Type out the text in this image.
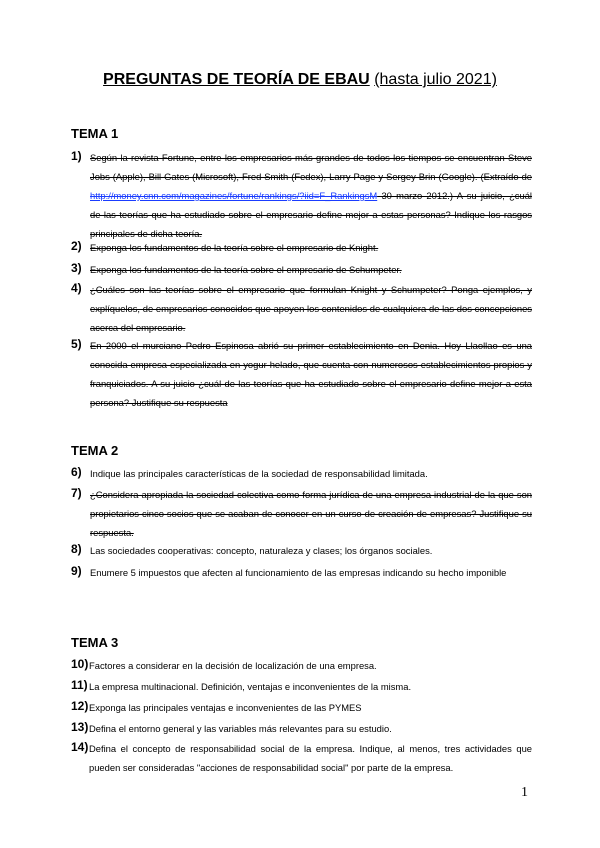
PREGUNTAS DE TEORÍA DE EBAU (hasta julio 2021)
TEMA 1
1) Según la revista Fortune, entre los empresarios más grandes de todos los tiempos se encuentran Steve Jobs (Apple), Bill Gates (Microsoft), Fred Smith (Fedex), Larry Page y Sergey Brin (Google). (Extraído de http://money.cnn.com/magazines/fortune/rankings/?iid=F_RankingsM 30 marzo 2012.) A su juicio, ¿cuál de las teorías que ha estudiado sobre el empresario define mejor a estas personas? Indique los rasgos principales de dicha teoría.
2) Exponga los fundamentos de la teoría sobre el empresario de Knight.
3) Exponga los fundamentos de la teoría sobre el empresario de Schumpeter.
4) ¿Cuáles son las teorías sobre el empresario que formulan Knight y Schumpeter? Ponga ejemplos, y explíquelos, de empresarios conocidos que apoyen los contenidos de cualquiera de las dos concepciones acerca del empresario.
5) En 2000 el murciano Pedro Espinosa abrió su primer establecimiento en Denia. Hoy Llaollao es una conocida empresa especializada en yogur helado, que cuenta con numerosos establecimientos propios y franquiciados. A su juicio ¿cuál de las teorías que ha estudiado sobre el empresario define mejor a esta persona? Justifique su respuesta
TEMA 2
6) Indique las principales características de la sociedad de responsabilidad limitada.
7) ¿Considera apropiada la sociedad colectiva como forma jurídica de una empresa industrial de la que son propietarios cinco socios que se acaban de conocer en un curso de creación de empresas? Justifique su respuesta.
8) Las sociedades cooperativas: concepto, naturaleza y clases; los órganos sociales.
9) Enumere 5 impuestos que afecten al funcionamiento de las empresas indicando su hecho imponible
TEMA 3
10) Factores a considerar en la decisión de localización de una empresa.
11) La empresa multinacional. Definición, ventajas e inconvenientes de la misma.
12) Exponga las principales ventajas e inconvenientes de las PYMES
13) Defina el entorno general y las variables más relevantes para su estudio.
14) Defina el concepto de responsabilidad social de la empresa. Indique, al menos, tres actividades que pueden ser consideradas "acciones de responsabilidad social" por parte de la empresa.
1
